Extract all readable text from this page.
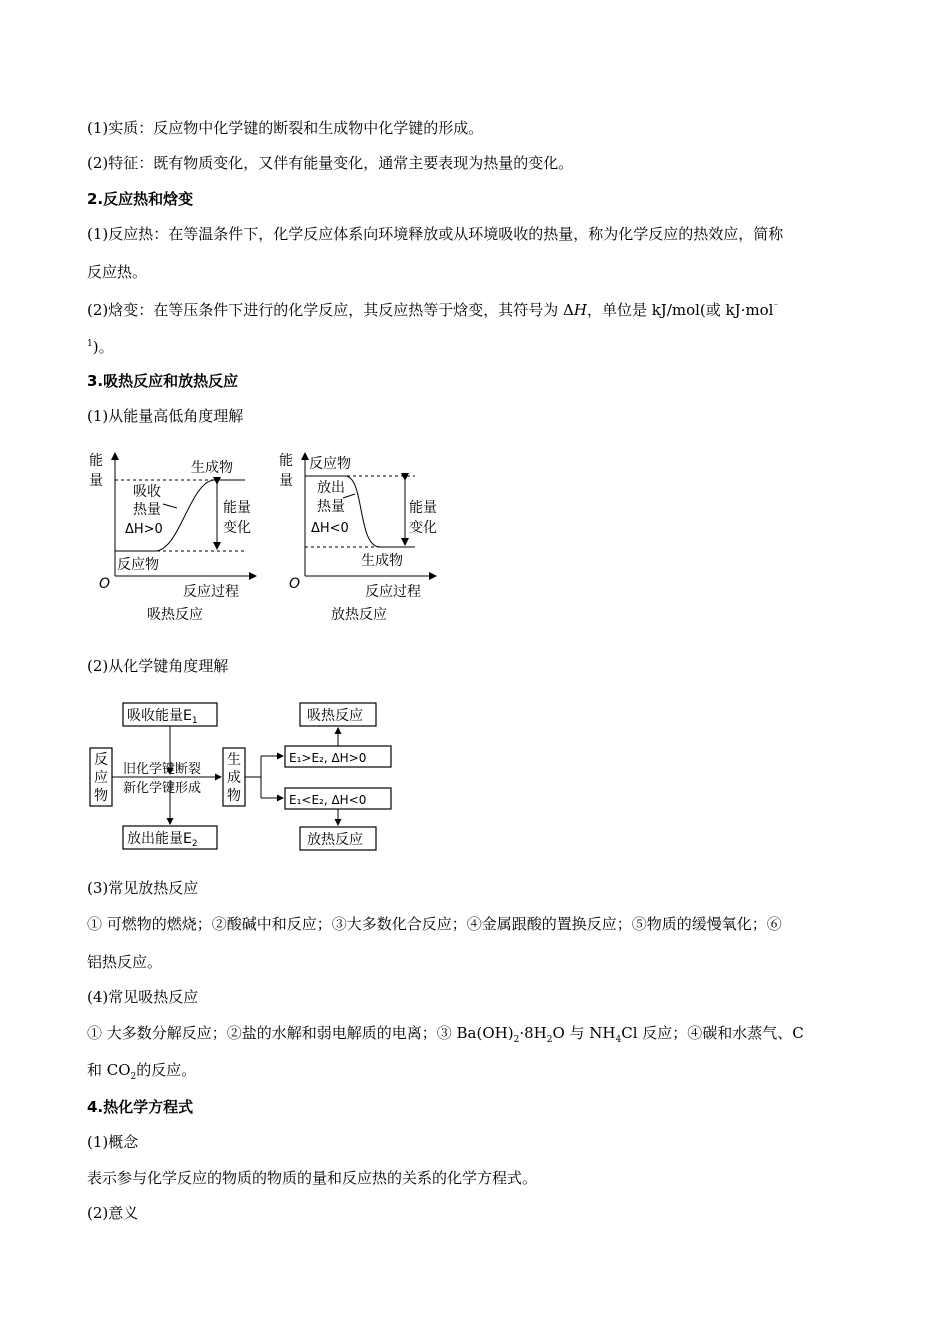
(1)实质：反应物中化学键的断裂和生成物中化学键的形成。
(2)特征：既有物质变化，又伴有能量变化，通常主要表现为热量的变化。
2.反应热和焓变
(1)反应热：在等温条件下，化学反应体系向环境释放或从环境吸收的热量，称为化学反应的热效应，简称
反应热。
(2)焓变：在等压条件下进行的化学反应，其反应热等于焓变，其符号为 ΔH，单位是 kJ/mol(或 kJ·mol⁻
$^1$)。
3.吸热反应和放热反应
(1)从能量高低角度理解
能
量
生成物
吸收
热量
ΔH>0
能量
变化
反应物
O	反应过程
吸热反应
能
量
反应物
放出
热量
ΔH<0
能量
变化
生成物
O	反应过程
放热反应
(2)从化学键角度理解
反
应
物
吸收能量$E_1$
放出能量$E_2$
旧化学键断裂
新化学键形成
生
成
物
E₁>E₂, ΔH>0
E₁<E₂, ΔH<0
吸热反应
放热反应
(3)常见放热反应
① 可燃物的燃烧；②酸碱中和反应；③大多数化合反应；④金属跟酸的置换反应；⑤物质的缓慢氧化；⑥
铝热反应。
(4)常见吸热反应
① 大多数分解反应；②盐的水解和弱电解质的电离；③ $Ba(OH)_2\cdot 8H_2O$ 与 $NH_4Cl$ 反应；④碳和水蒸气、C
和 $CO_2$的反应。
4.热化学方程式
(1)概念
表示参与化学反应的物质的物质的量和反应热的关系的化学方程式。
(2)意义
